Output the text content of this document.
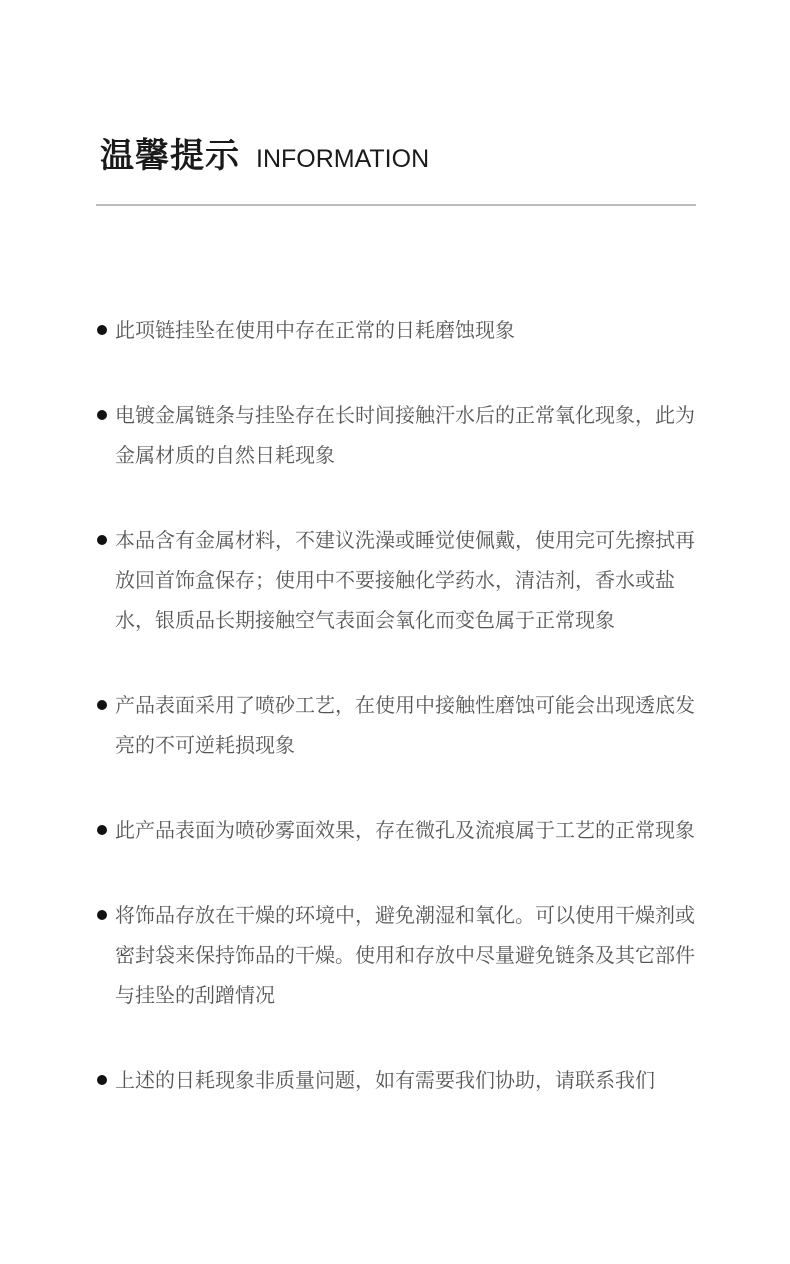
温馨提示 INFORMATION
此项链挂坠在使用中存在正常的日耗磨蚀现象
电镀金属链条与挂坠存在长时间接触汗水后的正常氧化现象，此为金属材质的自然日耗现象
本品含有金属材料，不建议洗澡或睡觉使佩戴，使用完可先擦拭再放回首饰盒保存；使用中不要接触化学药水，清洁剂，香水或盐水，银质品长期接触空气表面会氧化而变色属于正常现象
产品表面采用了喷砂工艺，在使用中接触性磨蚀可能会出现透底发亮的不可逆耗损现象
此产品表面为喷砂雾面效果，存在微孔及流痕属于工艺的正常现象
将饰品存放在干燥的环境中，避免潮湿和氧化。可以使用干燥剂或密封袋来保持饰品的干燥。使用和存放中尽量避免链条及其它部件与挂坠的刮蹭情况
上述的日耗现象非质量问题，如有需要我们协助，请联系我们
